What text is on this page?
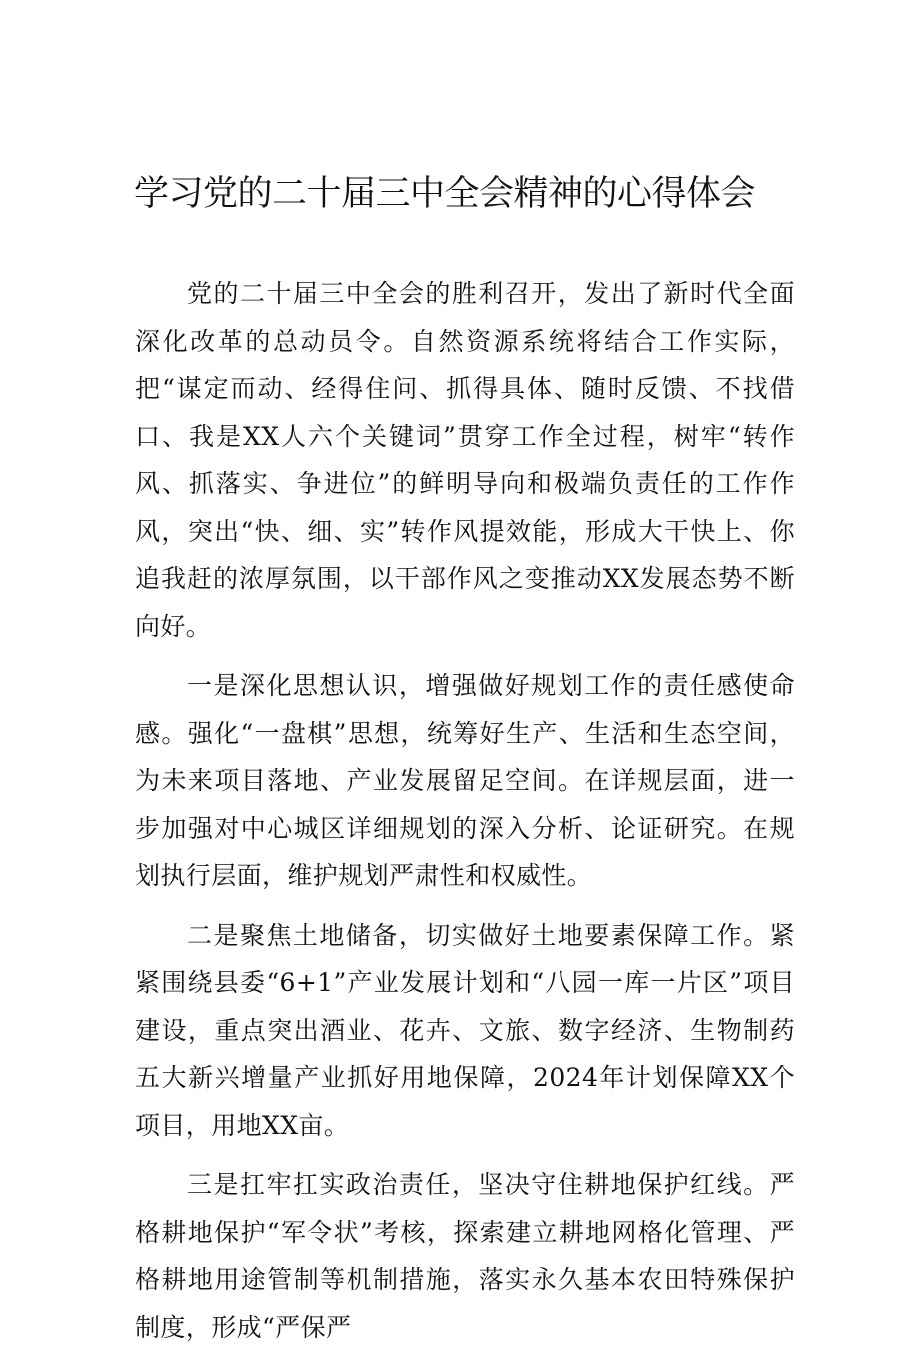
学习党的二十届三中全会精神的心得体会

党的二十届三中全会的胜利召开，发出了新时代全面深化改革的总动员令。自然资源系统将结合工作实际，把“谋定而动、经得住问、抓得具体、随时反馈、不找借口、我是XX人六个关键词”贯穿工作全过程，树牢“转作风、抓落实、争进位”的鲜明导向和极端负责任的工作作风，突出“快、细、实”转作风提效能，形成大干快上、你追我赶的浓厚氛围，以干部作风之变推动XX发展态势不断向好。

一是深化思想认识，增强做好规划工作的责任感使命感。强化“一盘棋”思想，统筹好生产、生活和生态空间，为未来项目落地、产业发展留足空间。在详规层面，进一步加强对中心城区详细规划的深入分析、论证研究。在规划执行层面，维护规划严肃性和权威性。

二是聚焦土地储备，切实做好土地要素保障工作。紧紧围绕县委“6+1”产业发展计划和“八园一库一片区”项目建设，重点突出酒业、花卉、文旅、数字经济、生物制药五大新兴增量产业抓好用地保障，2024年计划保障XX个项目，用地XX亩。

三是扛牢扛实政治责任，坚决守住耕地保护红线。严格耕地保护“军令状”考核，探索建立耕地网格化管理、严格耕地用途管制等机制措施，落实永久基本农田特殊保护制度，形成“严保严
